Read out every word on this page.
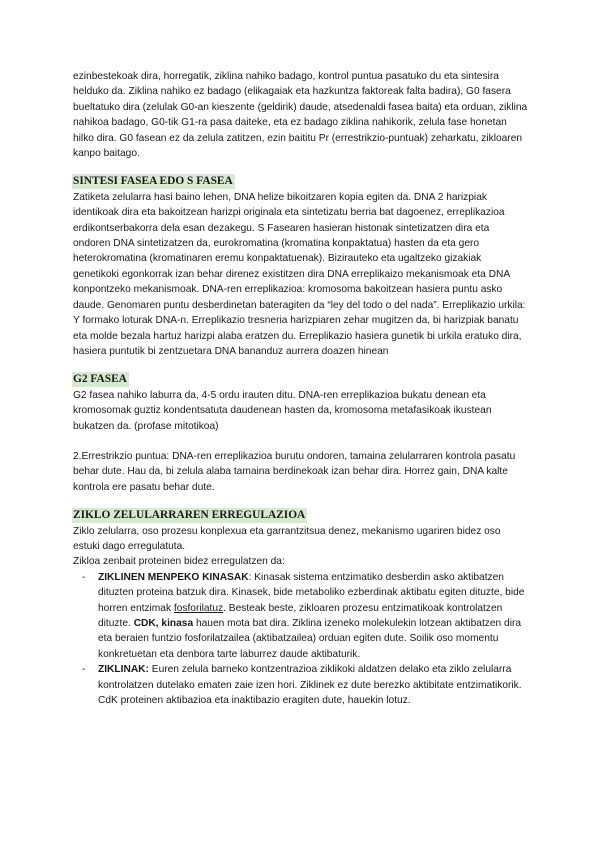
ezinbestekoak dira, horregatik, ziklina nahiko badago, kontrol puntua pasatuko du eta sintesira helduko da. Ziklina nahiko ez badago (elikagaiak eta hazkuntza faktoreak falta badira), G0 fasera bueltatuko dira (zelulak G0-an kieszente (geldirik) daude, atsedenaldi fasea baita) eta orduan, ziklina nahikoa badago, G0-tik G1-ra pasa daiteke, eta ez badago ziklina nahikorik, zelula fase honetan hilko dira. G0 fasean ez da zelula zatitzen, ezin baititu Pr (errestrikzio-puntuak) zeharkatu, zikloaren kanpo baitago.

SINTESI FASEA EDO S FASEA

Zatiketa zelularra hasi baino lehen, DNA helize bikoitzaren kopia egiten da. DNA 2 harizpiak identikoak dira eta bakoitzean harizpi originala eta sintetizatu berria bat dagoenez, erreplikazioa erdikontserbakorra dela esan dezakegu. S Fasearen hasieran histonak sintetizatzen dira eta ondoren DNA sintetizatzen da, eurokromatina (kromatina konpaktatua) hasten da eta gero heterokromatina (kromatinaren eremu konpaktatuenak). Bizirauteko eta ugaltzeko gizakiak genetikoki egonkorrak izan behar direnez existitzen dira DNA erreplikaizo mekanismoak eta DNA konpontzeko mekanismoak. DNA-ren erreplikazioa: kromosoma bakoitzean hasiera puntu asko daude. Genomaren puntu desberdinetan bateragiten da “ley del todo o del nada”. Erreplikazio urkila: Y formako loturak DNA-n. Erreplikazio tresneria harizpiaren zehar mugitzen da, bi harizpiak banatu eta molde bezala hartuz harizpi alaba eratzen du. Erreplikazio hasiera gunetik bi urkila eratuko dira, hasiera puntutik bi zentzuetara DNA bananduz aurrera doazen hinean

G2 FASEA

G2 fasea nahiko laburra da, 4-5 ordu irauten ditu. DNA-ren erreplikazioa bukatu denean eta kromosomak guztiz kondentsatuta daudenean hasten da, kromosoma metafasikoak ikustean bukatzen da. (profase mitotikoa)

2.Errestrikzio puntua: DNA-ren erreplikazioa burutu ondoren, tamaina zelularraren kontrola pasatu behar dute. Hau da, bi zelula alaba tamaina berdinekoak izan behar dira. Horrez gain, DNA kalte kontrola ere pasatu behar dute.

ZIKLO ZELULARRAREN ERREGULAZIOA

Ziklo zelularra, oso prozesu konplexua eta garrantzitsua denez, mekanismo ugariren bidez oso estuki dago erregulatuta.

Zikloa zenbait proteinen bidez erregulatzen da:

- ZIKLINEN MENPEKO KINASAK: Kinasak sistema entzimatiko desberdin asko aktibatzen dituzten proteina batzuk dira. Kinasek, bide metaboliko ezberdinak aktibatu egiten dituzte, bide horren entzimak fosforilatuz. Besteak beste, zikloaren prozesu entzimatikoak kontrolatzen dituzte. CDK, kinasa hauen mota bat dira. Ziklina izeneko molekulekin lotzean aktibatzen dira eta beraien funtzio fosforilatzailea (aktibatzailea) orduan egiten dute. Soilik oso momentu konkretuetan eta denbora tarte laburrez daude aktibaturik.
- ZIKLINAK: Euren zelula barneko kontzentrazioa ziklikoki aldatzen delako eta ziklo zelularra kontrolatzen dutelako ematen zaie izen hori. Ziklinek ez dute berezko aktibitate entzimatikorik. CdK proteinen aktibazioa eta inaktibazio eragiten dute, hauekin lotuz.
